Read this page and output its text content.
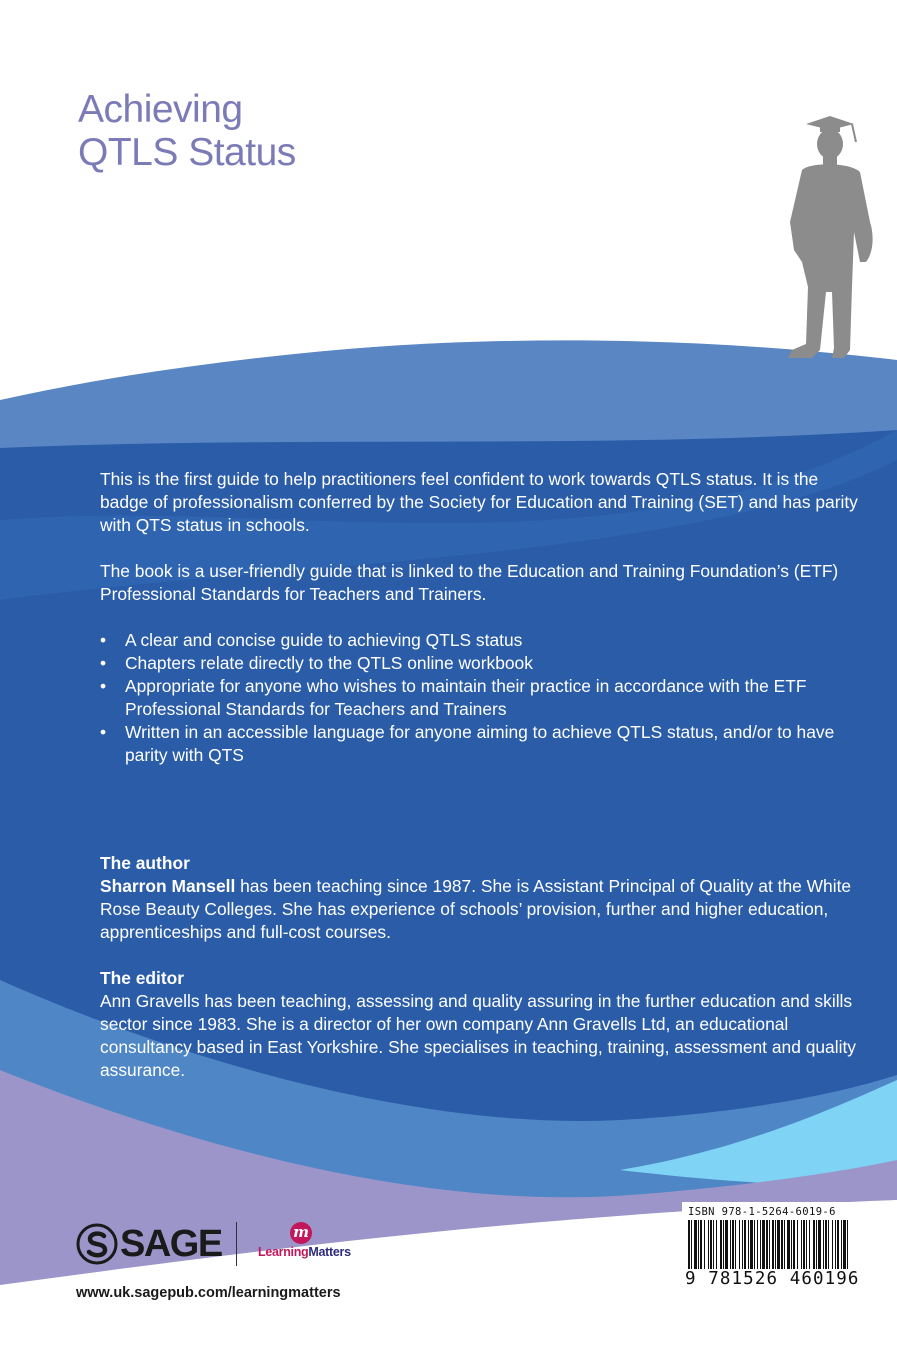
Achieving
QTLS Status

This is the first guide to help practitioners feel confident to work towards QTLS status. It is the badge of professionalism conferred by the Society for Education and Training (SET) and has parity with QTS status in schools.

The book is a user-friendly guide that is linked to the Education and Training Foundation’s (ETF) Professional Standards for Teachers and Trainers.

• A clear and concise guide to achieving QTLS status
• Chapters relate directly to the QTLS online workbook
• Appropriate for anyone who wishes to maintain their practice in accordance with the ETF Professional Standards for Teachers and Trainers
• Written in an accessible language for anyone aiming to achieve QTLS status, and/or to have parity with QTS
The author

Sharron Mansell has been teaching since 1987. She is Assistant Principal of Quality at the White Rose Beauty Colleges. She has experience of schools’ provision, further and higher education, apprenticeships and full-cost courses.

The editor

Ann Gravells has been teaching, assessing and quality assuring in the further education and skills sector since 1983. She is a director of her own company Ann Gravells Ltd, an educational consultancy based in East Yorkshire. She specialises in teaching, training, assessment and quality assurance.

SAGE	m
LearningMatters
www.uk.sagepub.com/learningmatters
ISBN 978-1-5264-6019-6
9 781526 460196
